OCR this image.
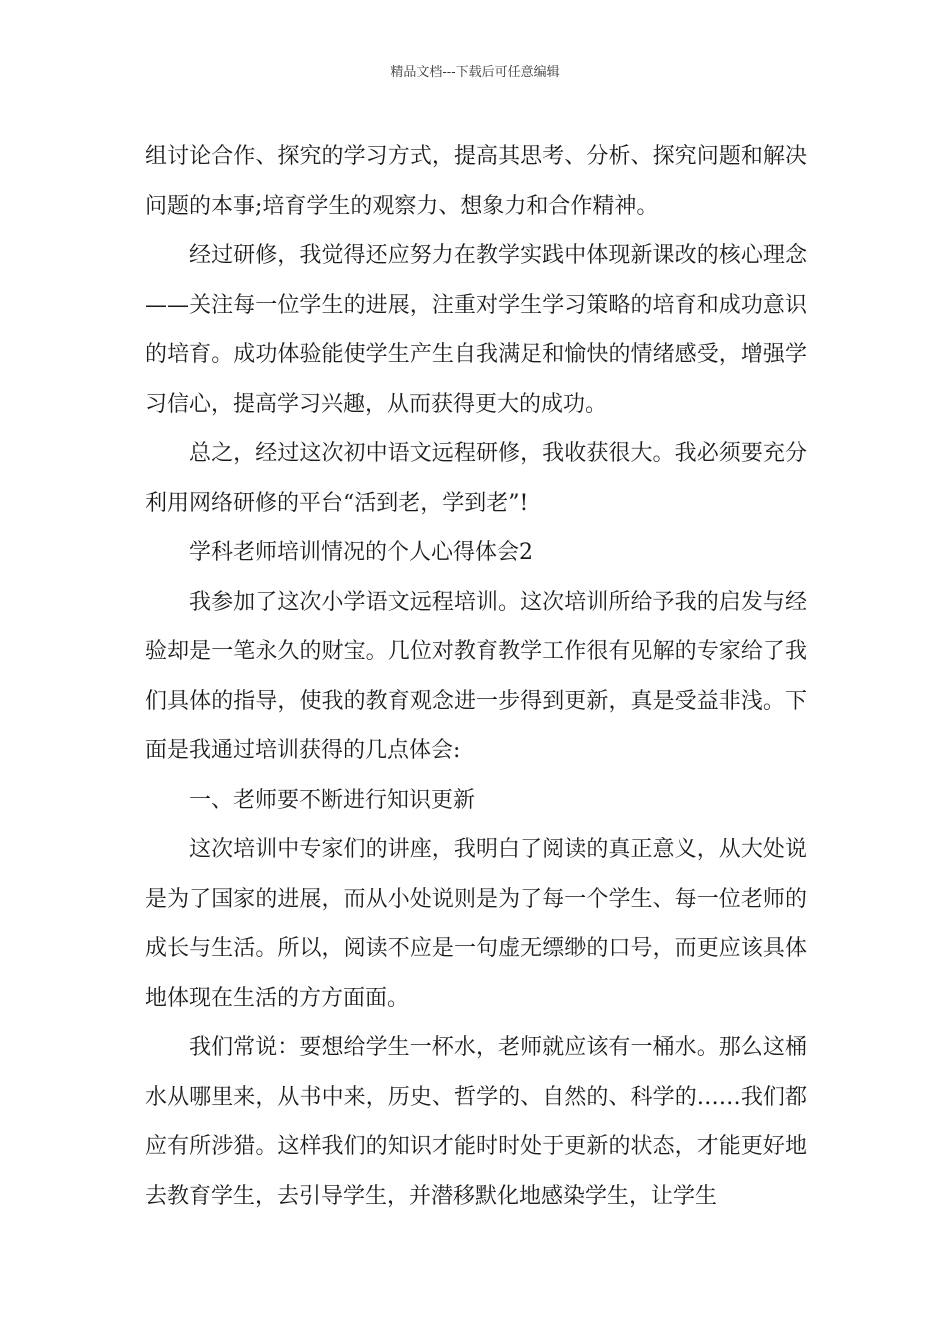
精品文档---下载后可任意编辑

组讨论合作、探究的学习方式，提高其思考、分析、探究问题和解决问题的本事;培育学生的观察力、想象力和合作精神。

经过研修，我觉得还应努力在教学实践中体现新课改的核心理念——关注每一位学生的进展，注重对学生学习策略的培育和成功意识的培育。成功体验能使学生产生自我满足和愉快的情绪感受，增强学习信心，提高学习兴趣，从而获得更大的成功。

总之，经过这次初中语文远程研修，我收获很大。我必须要充分利用网络研修的平台“活到老，学到老”!

学科老师培训情况的个人心得体会2

我参加了这次小学语文远程培训。这次培训所给予我的启发与经验却是一笔永久的财宝。几位对教育教学工作很有见解的专家给了我们具体的指导，使我的教育观念进一步得到更新，真是受益非浅。下面是我通过培训获得的几点体会:

一、老师要不断进行知识更新

这次培训中专家们的讲座，我明白了阅读的真正意义，从大处说是为了国家的进展，而从小处说则是为了每一个学生、每一位老师的成长与生活。所以，阅读不应是一句虚无缥缈的口号，而更应该具体地体现在生活的方方面面。

我们常说：要想给学生一杯水，老师就应该有一桶水。那么这桶水从哪里来，从书中来，历史、哲学的、自然的、科学的……我们都应有所涉猎。这样我们的知识才能时时处于更新的状态，才能更好地去教育学生，去引导学生，并潜移默化地感染学生，让学生
